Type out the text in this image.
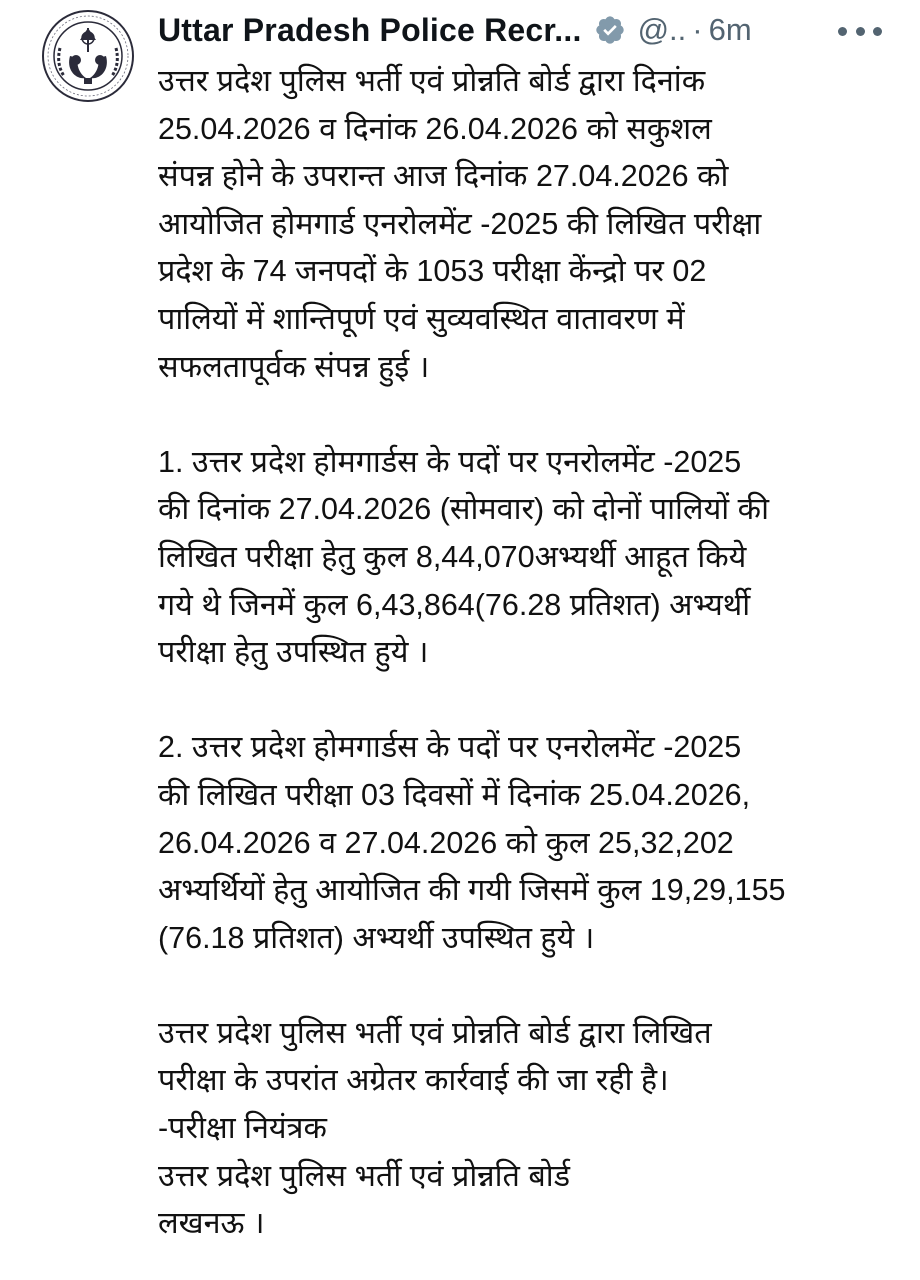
Uttar Pradesh Police Recr... @.. · 6m
उत्तर प्रदेश पुलिस भर्ती एवं प्रोन्नति बोर्ड द्वारा दिनांक
25.04.2026 व दिनांक 26.04.2026 को सकुशल
संपन्न होने के उपरान्त आज दिनांक 27.04.2026 को
आयोजित होमगार्ड एनरोलमेंट -2025 की लिखित परीक्षा
प्रदेश के 74 जनपदों के 1053 परीक्षा केंन्द्रो पर 02
पालियों में शान्तिपूर्ण एवं सुव्यवस्थित वातावरण में
सफलतापूर्वक संपन्न हुई ।
1. उत्तर प्रदेश होमगार्डस के पदों पर एनरोलमेंट -2025
की दिनांक 27.04.2026 (सोमवार) को दोनों पालियों की
लिखित परीक्षा हेतु कुल 8,44,070अभ्यर्थी आहूत किये
गये थे जिनमें कुल 6,43,864(76.28 प्रतिशत) अभ्यर्थी
परीक्षा हेतु उपस्थित हुये ।
2. उत्तर प्रदेश होमगार्डस के पदों पर एनरोलमेंट -2025
की लिखित परीक्षा 03 दिवसों में दिनांक 25.04.2026,
26.04.2026 व 27.04.2026 को कुल 25,32,202
अभ्यर्थियों हेतु आयोजित की गयी जिसमें कुल 19,29,155
(76.18 प्रतिशत) अभ्यर्थी उपस्थित हुये ।
उत्तर प्रदेश पुलिस भर्ती एवं प्रोन्नति बोर्ड द्वारा लिखित
परीक्षा के उपरांत अग्रेतर कार्रवाई की जा रही है।
-परीक्षा नियंत्रक
उत्तर प्रदेश पुलिस भर्ती एवं प्रोन्नति बोर्ड
लखनऊ ।
